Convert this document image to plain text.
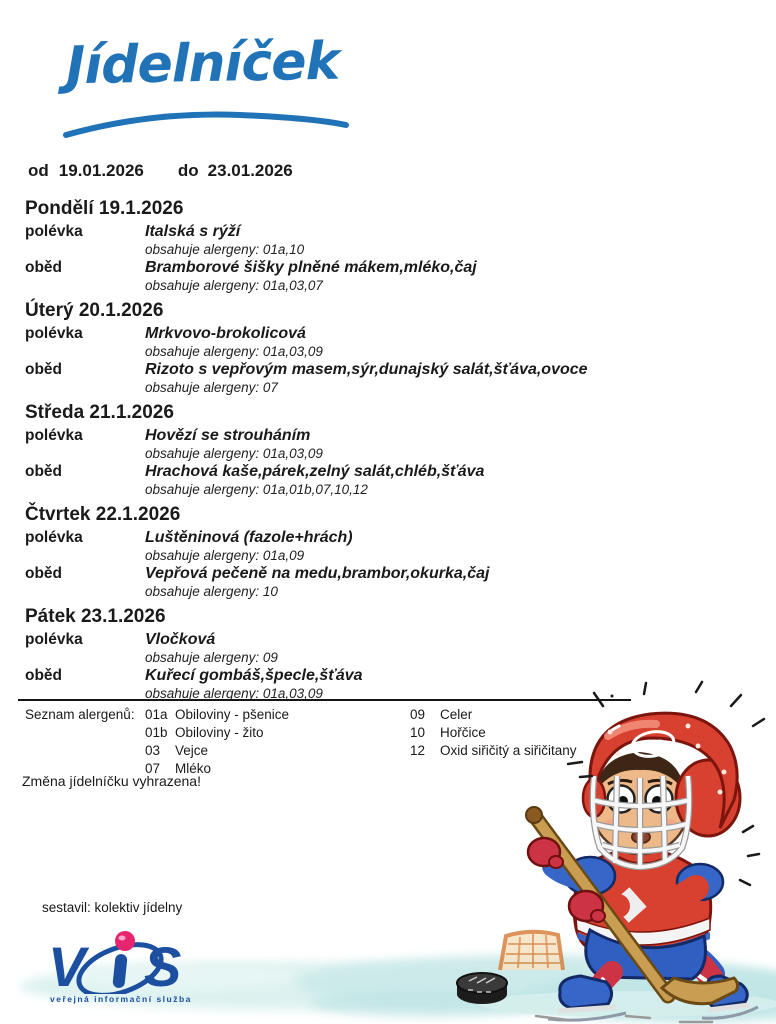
Jídelníček
od 19.01.2026 do 23.01.2026
Pondělí 19.1.2026
polévka	Italská s rýží
obsahuje alergeny: 01a,10
oběd	Bramborové šišky plněné mákem,mléko,čaj
obsahuje alergeny: 01a,03,07
Úterý 20.1.2026
polévka	Mrkvovo-brokolicová
obsahuje alergeny: 01a,03,09
oběd	Rizoto s vepřovým masem,sýr,dunajský salát,šťáva,ovoce
obsahuje alergeny: 07
Středa 21.1.2026
polévka	Hovězí se strouháním
obsahuje alergeny: 01a,03,09
oběd	Hrachová kaše,párek,zelný salát,chléb,šťáva
obsahuje alergeny: 01a,01b,07,10,12
Čtvrtek 22.1.2026
polévka	Luštěninová (fazole+hrách)
obsahuje alergeny: 01a,09
oběd	Vepřová pečeně na medu,brambor,okurka,čaj
obsahuje alergeny: 10
Pátek 23.1.2026
polévka	Vločková
obsahuje alergeny: 09
oběd	Kuřecí gombáš,špecle,šťáva
obsahuje alergeny: 01a,03,09
Seznam alergenů: 01a Obiloviny - pšenice
01b Obiloviny - žito
03 Vejce
07 Mléko
09 Celer
10 Hořčice
12 Oxid siřičitý a siřičitany
Změna jídelníčku vyhrazena!
sestavil: kolektiv jídelny
V S
veřejná informační služba
